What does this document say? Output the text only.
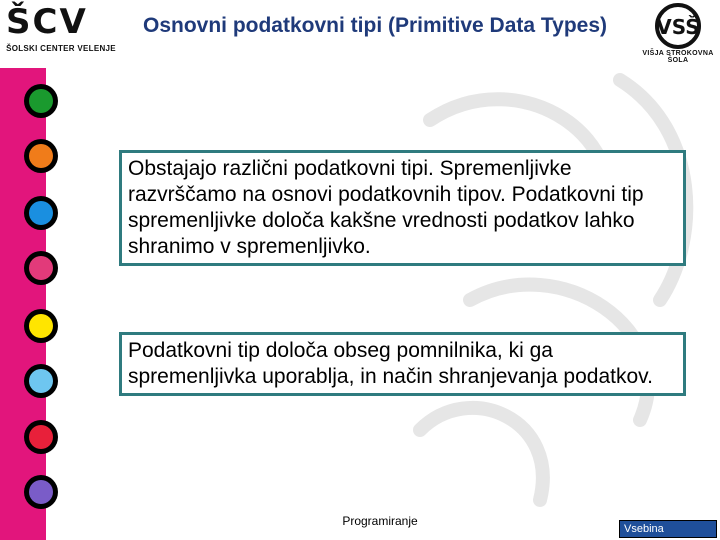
ŠCV
ŠOLSKI CENTER VELENJE
VSŠ
VIŠJA STROKOVNA ŠOLA
Osnovni podatkovni tipi (Primitive Data Types)
Obstajajo različni podatkovni tipi. Spremenljivke razvrščamo na osnovi podatkovnih tipov. Podatkovni tip spremenljivke določa kakšne vrednosti podatkov lahko shranimo v spremenljivko.
Podatkovni tip določa obseg pomnilnika, ki ga spremenljivka uporablja, in način shranjevanja podatkov.
Programiranje
Vsebina
